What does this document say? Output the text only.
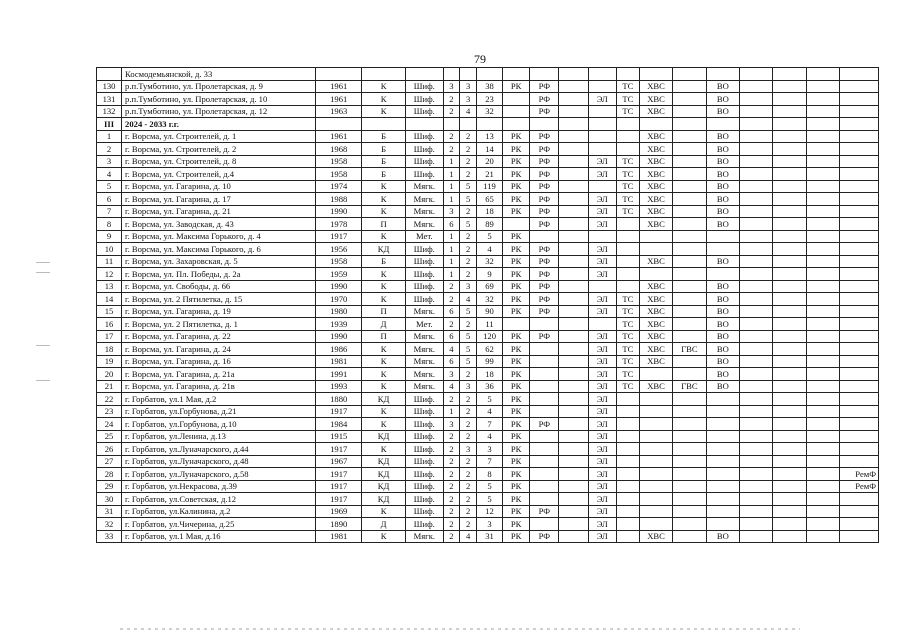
79
	Космодемьянской, д. 33																		
130	р.п.Тумботино, ул. Пролетарская, д. 9	1961	К	Шиф.	3	3	38	РК	РФ			ТС	ХВС		ВО				
131	р.п.Тумботино, ул. Пролетарская, д. 10	1961	К	Шиф.	2	3	23		РФ		ЭЛ	ТС	ХВС		ВО				
132	р.п.Тумботино, ул. Пролетарская, д. 12	1963	К	Шиф.	2	4	32		РФ			ТС	ХВС		ВО				
III	2024 - 2033 г.г.																		
1	г. Ворсма, ул. Строителей, д. 1	1961	Б	Шиф.	2	2	13	РК	РФ				ХВС		ВО				
2	г. Ворсма, ул. Строителей, д. 2	1968	Б	Шиф.	2	2	14	РК	РФ				ХВС		ВО				
3	г. Ворсма, ул. Строителей, д. 8	1958	Б	Шиф.	1	2	20	РК	РФ		ЭЛ	ТС	ХВС		ВО				
4	г. Ворсма, ул. Строителей, д.4	1958	Б	Шиф.	1	2	21	РК	РФ		ЭЛ	ТС	ХВС		ВО				
5	г. Ворсма, ул. Гагарина, д. 10	1974	К	Мягк.	1	5	119	РК	РФ			ТС	ХВС		ВО				
6	г. Ворсма, ул. Гагарина, д. 17	1988	К	Мягк.	1	5	65	РК	РФ		ЭЛ	ТС	ХВС		ВО				
7	г. Ворсма, ул. Гагарина, д. 21	1990	К	Мягк.	3	2	18	РК	РФ		ЭЛ	ТС	ХВС		ВО				
8	г. Ворсма, ул. Заводская, д. 43	1978	П	Мягк.	6	5	89		РФ		ЭЛ		ХВС		ВО				
9	г. Ворсма, ул. Максима Горького, д. 4	1917	К	Мет.	1	2	5	РК											
10	г. Ворсма, ул. Максима Горького, д. 6	1956	КД	Шиф.	1	2	4	РК	РФ		ЭЛ								
11	г. Ворсма, ул. Захаровская, д. 5	1958	Б	Шиф.	1	2	32	РК	РФ		ЭЛ		ХВС		ВО				
12	г. Ворсма, ул. Пл. Победы, д. 2а	1959	К	Шиф.	1	2	9	РК	РФ		ЭЛ								
13	г. Ворсма, ул. Свободы, д. 66	1990	К	Шиф.	2	3	69	РК	РФ				ХВС		ВО				
14	г. Ворсма, ул. 2 Пятилетка, д. 15	1970	К	Шиф.	2	4	32	РК	РФ		ЭЛ	ТС	ХВС		ВО				
15	г. Ворсма, ул. Гагарина, д. 19	1980	П	Мягк.	6	5	90	РК	РФ		ЭЛ	ТС	ХВС		ВО				
16	г. Ворсма, ул. 2 Пятилетка, д. 1	1939	Д	Мет.	2	2	11					ТС	ХВС		ВО				
17	г. Ворсма, ул. Гагарина, д. 22	1990	П	Мягк.	6	5	120	РК	РФ		ЭЛ	ТС	ХВС		ВО				
18	г. Ворсма, ул. Гагарина, д. 24	1986	К	Мягк.	4	5	62	РК			ЭЛ	ТС	ХВС	ГВС	ВО				
19	г. Ворсма, ул. Гагарина, д. 16	1981	К	Мягк.	6	5	99	РК			ЭЛ	ТС	ХВС		ВО				
20	г. Ворсма, ул. Гагарина, д. 21а	1991	К	Мягк.	3	2	18	РК			ЭЛ	ТС			ВО				
21	г. Ворсма, ул. Гагарина, д. 21в	1993	К	Мягк.	4	3	36	РК			ЭЛ	ТС	ХВС	ГВС	ВО				
22	г. Горбатов, ул.1 Мая, д.2	1880	КД	Шиф.	2	2	5	РК			ЭЛ								
23	г. Горбатов, ул.Горбунова, д.21	1917	К	Шиф.	1	2	4	РК			ЭЛ								
24	г. Горбатов, ул.Горбунова, д.10	1984	К	Шиф.	3	2	7	РК	РФ		ЭЛ								
25	г. Горбатов, ул.Ленина, д.13	1915	КД	Шиф.	2	2	4	РК			ЭЛ								
26	г. Горбатов, ул.Луначарского, д.44	1917	К	Шиф.	2	3	3	РК			ЭЛ								
27	г. Горбатов, ул.Луначарского, д.48	1967	КД	Шиф.	2	2	7	РК			ЭЛ								
28	г. Горбатов, ул.Луначарского, д.58	1917	КД	Шиф.	2	2	8	РК			ЭЛ								РемФ
29	г. Горбатов, ул.Некрасова, д.39	1917	КД	Шиф.	2	2	5	РК			ЭЛ								РемФ
30	г. Горбатов, ул.Советская, д.12	1917	КД	Шиф.	2	2	5	РК			ЭЛ								
31	г. Горбатов, ул.Калинина, д.2	1969	К	Шиф.	2	2	12	РК	РФ		ЭЛ								
32	г. Горбатов, ул.Чичерина, д.25	1890	Д	Шиф.	2	2	3	РК			ЭЛ								
33	г. Горбатов, ул.1 Мая, д.16	1981	К	Мягк.	2	4	31	РК	РФ		ЭЛ		ХВС		ВО				
